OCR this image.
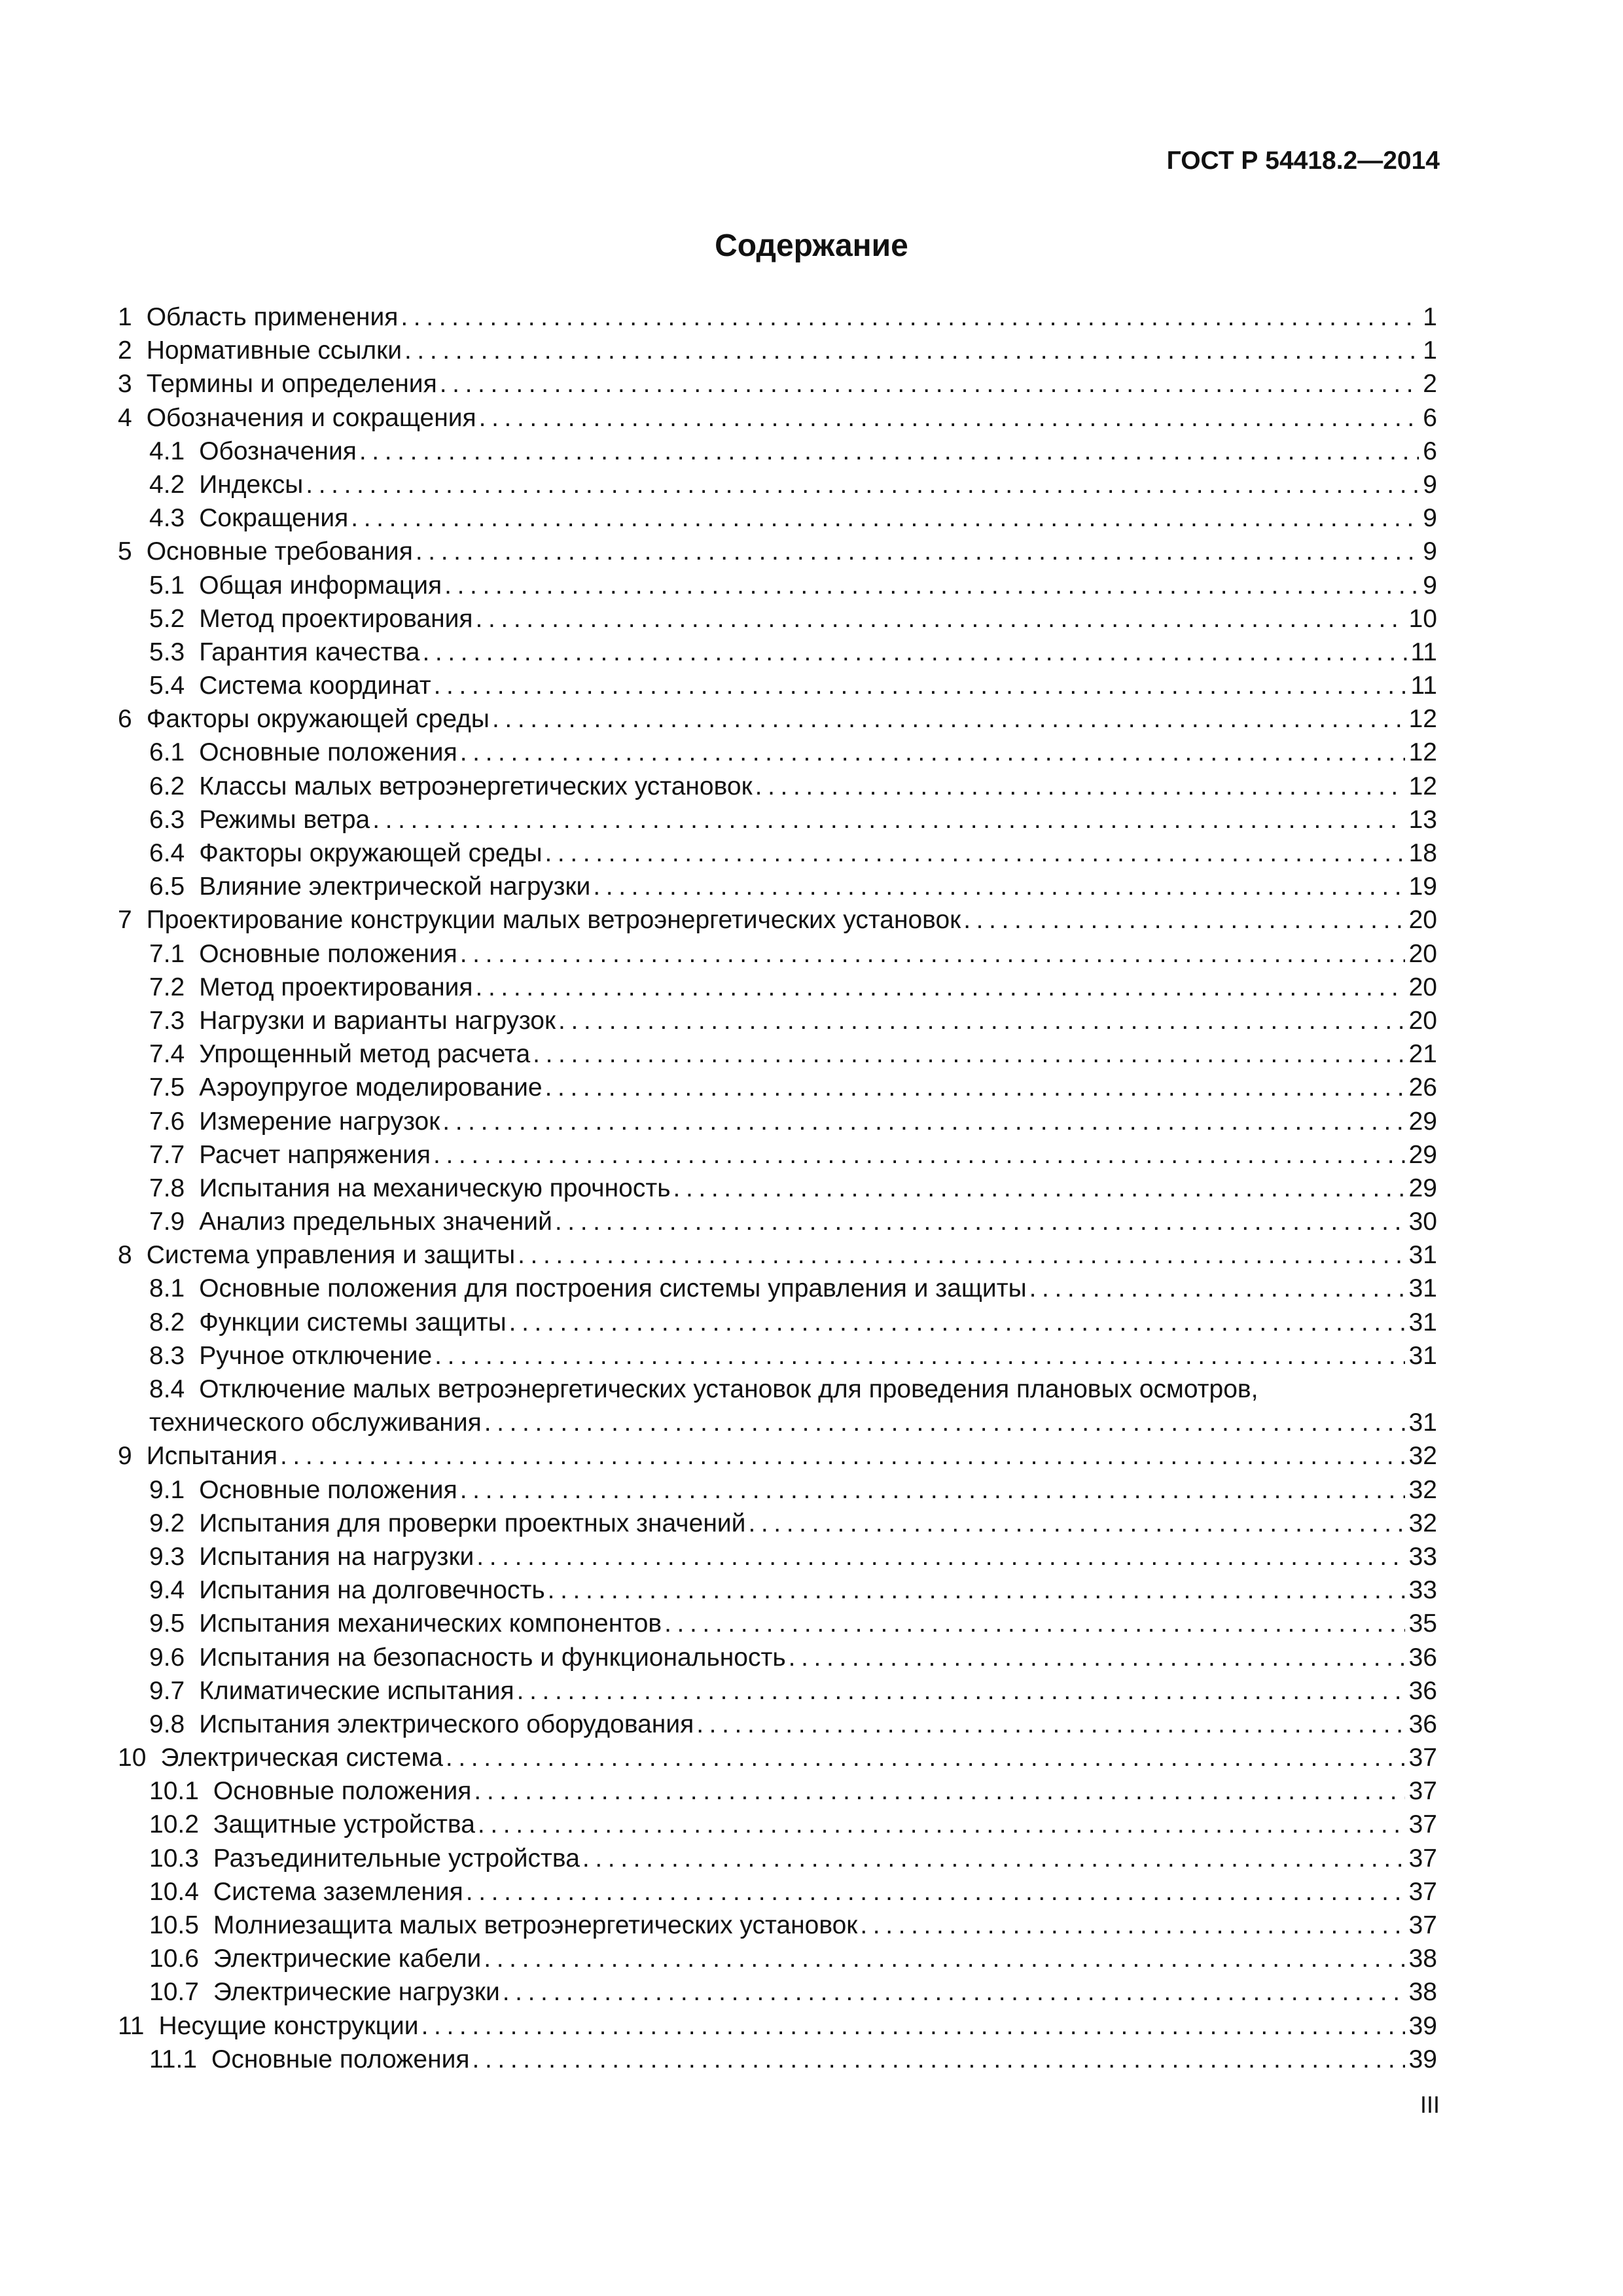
ГОСТ Р 54418.2—2014
Содержание
1 Область применения .....	1
2 Нормативные ссылки .....	1
3 Термины и определения .....	2
4 Обозначения и сокращения .....	6
4.1 Обозначения .....	6
4.2 Индексы .....	9
4.3 Сокращения .....	9
5 Основные требования .....	9
5.1 Общая информация .....	9
5.2 Метод проектирования .....	10
5.3 Гарантия качества .....	11
5.4 Система координат .....	11
6 Факторы окружающей среды .....	12
6.1 Основные положения .....	12
6.2 Классы малых ветроэнергетических установок .....	12
6.3 Режимы ветра .....	13
6.4 Факторы окружающей среды .....	18
6.5 Влияние электрической нагрузки .....	19
7 Проектирование конструкции малых ветроэнергетических установок .....	20
7.1 Основные положения .....	20
7.2 Метод проектирования .....	20
7.3 Нагрузки и варианты нагрузок .....	20
7.4 Упрощенный метод расчета .....	21
7.5 Аэроупругое моделирование .....	26
7.6 Измерение нагрузок .....	29
7.7 Расчет напряжения .....	29
7.8 Испытания на механическую прочность .....	29
7.9 Анализ предельных значений .....	30
8 Система управления и защиты .....	31
8.1 Основные положения для построения системы управления и защиты .....	31
8.2 Функции системы защиты .....	31
8.3 Ручное отключение .....	31
8.4 Отключение малых ветроэнергетических установок для проведения плановых осмотров,
технического обслуживания .....	31
9 Испытания .....	32
9.1 Основные положения .....	32
9.2 Испытания для проверки проектных значений .....	32
9.3 Испытания на нагрузки .....	33
9.4 Испытания на долговечность .....	33
9.5 Испытания механических компонентов .....	35
9.6 Испытания на безопасность и функциональность .....	36
9.7 Климатические испытания .....	36
9.8 Испытания электрического оборудования .....	36
10 Электрическая система .....	37
10.1 Основные положения .....	37
10.2 Защитные устройства .....	37
10.3 Разъединительные устройства .....	37
10.4 Система заземления .....	37
10.5 Молниезащита малых ветроэнергетических установок .....	37
10.6 Электрические кабели .....	38
10.7 Электрические нагрузки .....	38
11 Несущие конструкции .....	39
11.1 Основные положения .....	39
III
